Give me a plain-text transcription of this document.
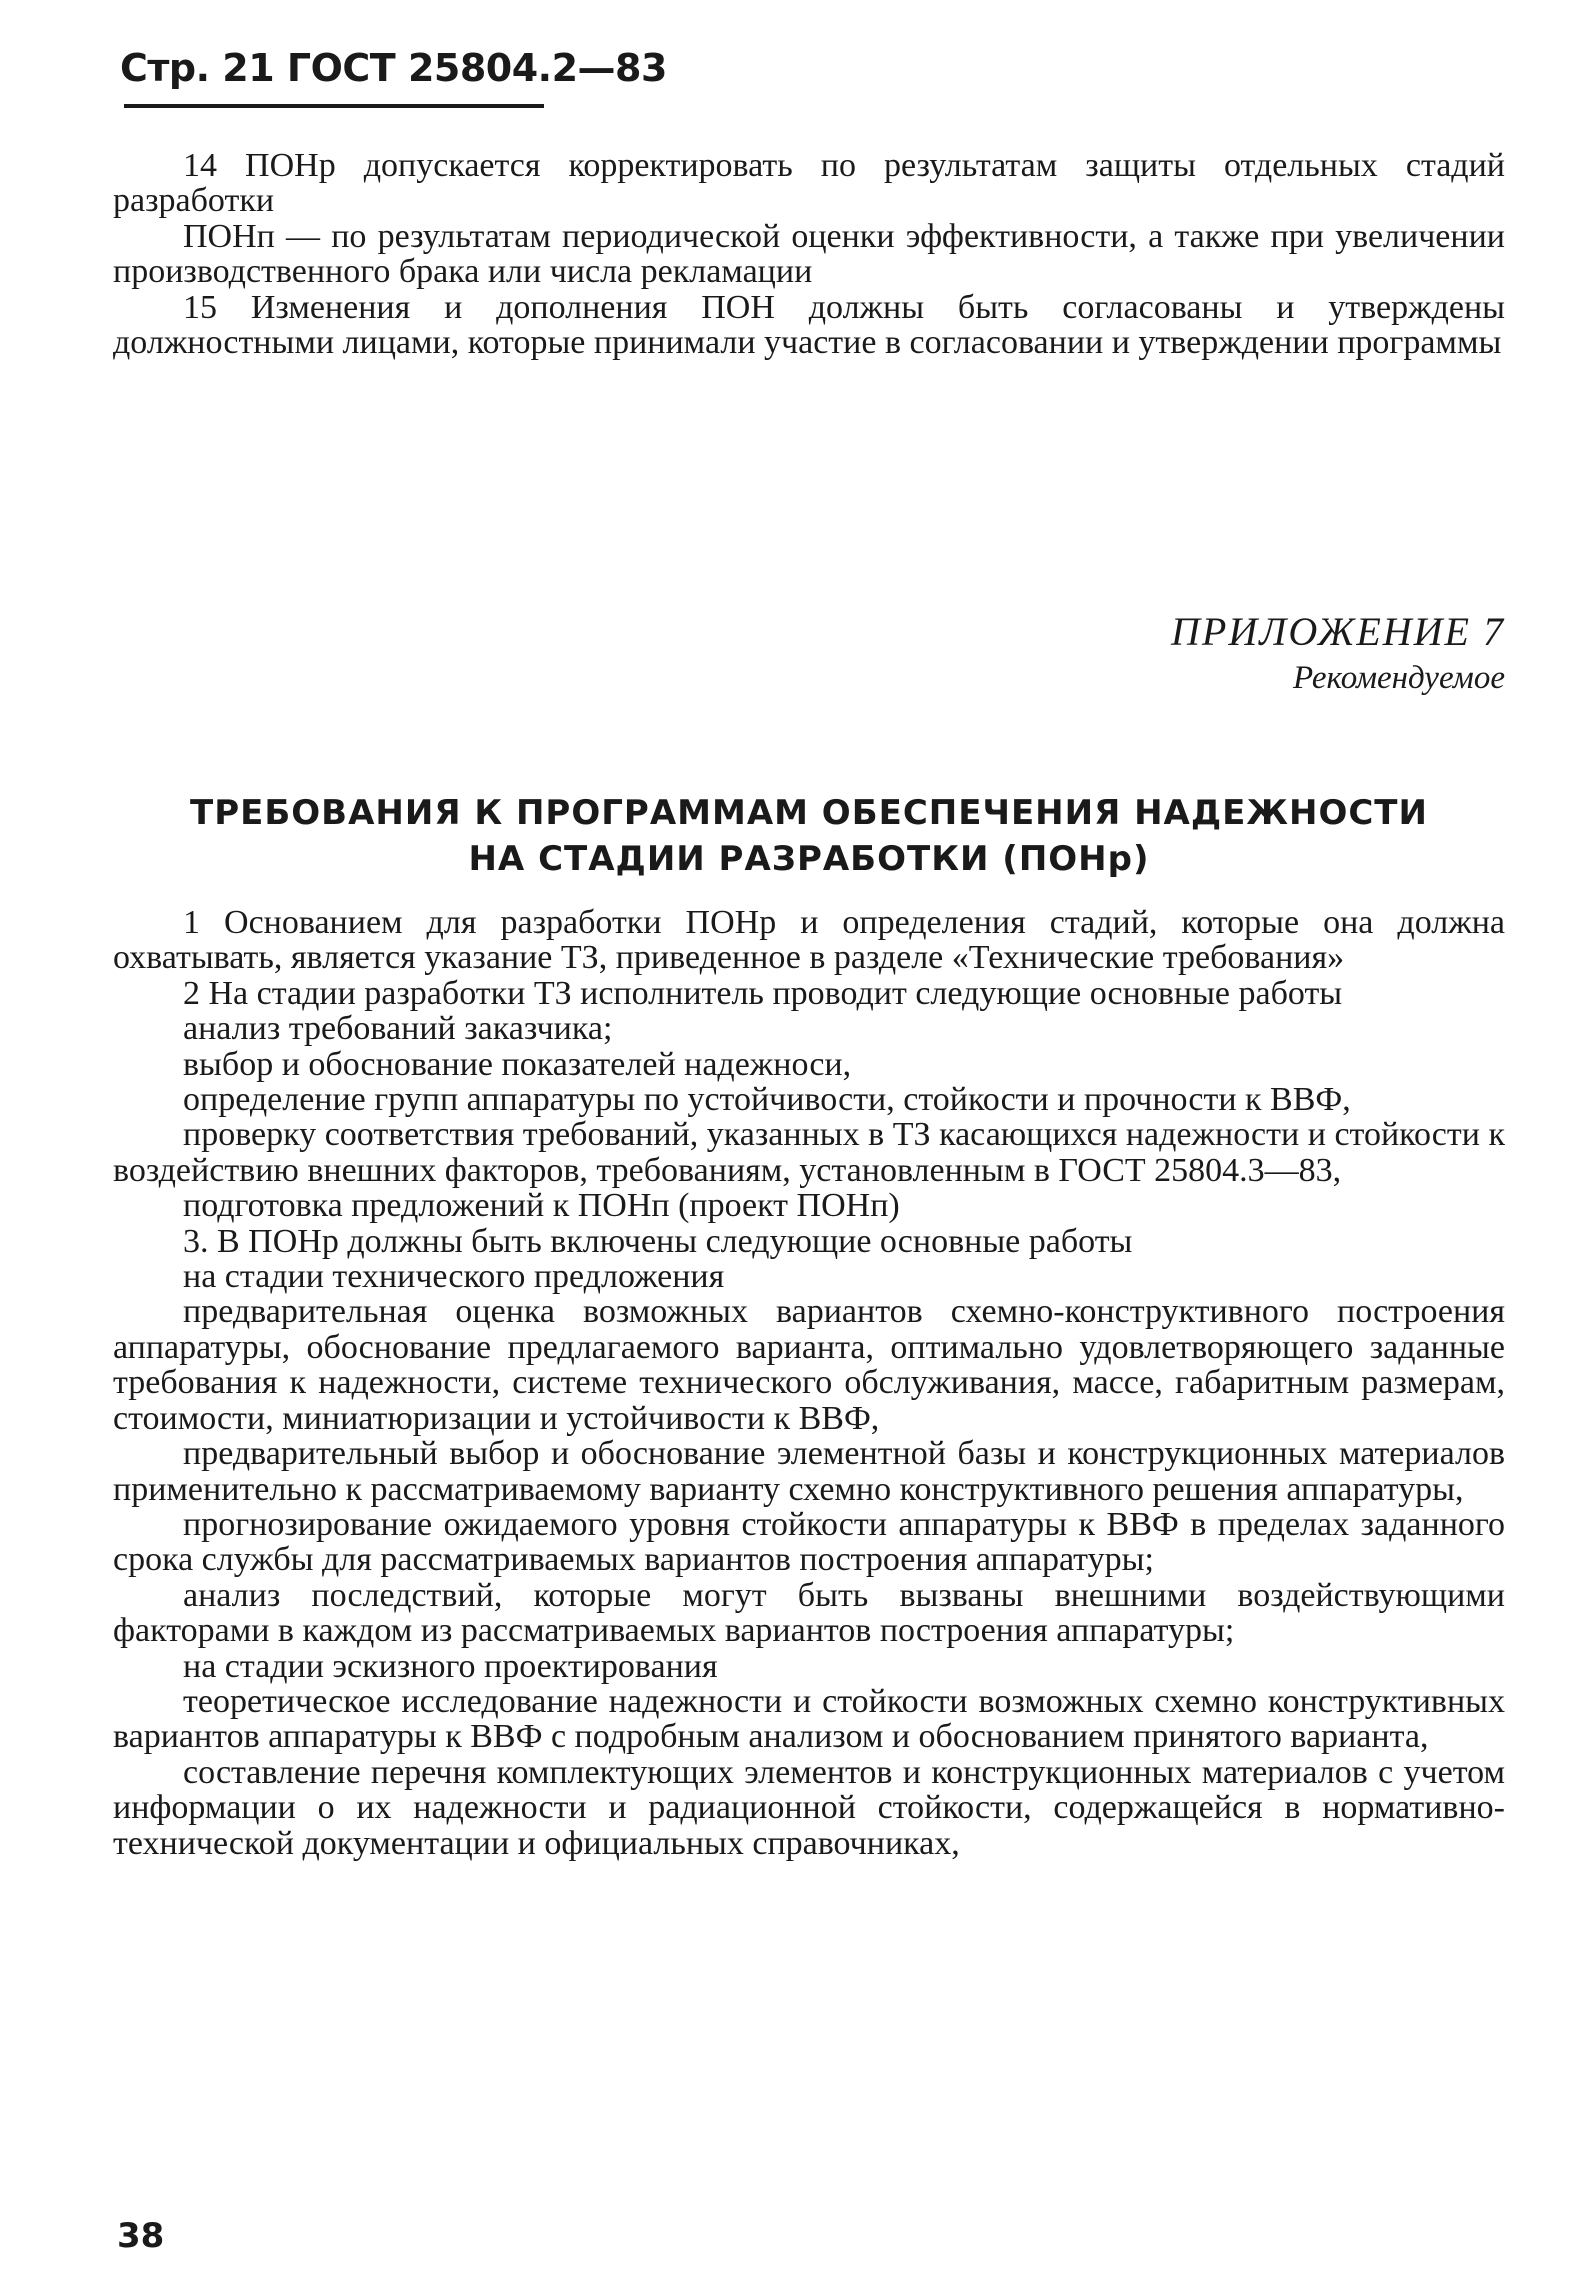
Стр. 21 ГОСТ 25804.2—83

14 ПОНр допускается корректировать по результатам защиты отдельных стадий разработки

ПОНп — по результатам периодической оценки эффективности, а также при увеличении производственного брака или числа рекламации

15 Изменения и дополнения ПОН должны быть согласованы и утверждены должностными лицами, которые принимали участие в согласовании и утверждении программы

ПРИЛОЖЕНИЕ 7
Рекомендуемое
ТРЕБОВАНИЯ К ПРОГРАММАМ ОБЕСПЕЧЕНИЯ НАДЕЖНОСТИ
НА СТАДИИ РАЗРАБОТКИ (ПОНр)

1 Основанием для разработки ПОНр и определения стадий, которые она должна охватывать, является указание ТЗ, приведенное в разделе «Технические требования»

2 На стадии разработки ТЗ исполнитель проводит следующие основные работы

анализ требований заказчика;

выбор и обоснование показателей надежноси,

определение групп аппаратуры по устойчивости, стойкости и прочности к ВВФ,

проверку соответствия требований, указанных в ТЗ касающихся надежности и стойкости к воздействию внешних факторов, требованиям, установленным в ГОСТ 25804.3—83,

подготовка предложений к ПОНп (проект ПОНп)

3. В ПОНр должны быть включены следующие основные работы

на стадии технического предложения

предварительная оценка возможных вариантов схемно-конструктивного построения аппаратуры, обоснование предлагаемого варианта, оптимально удовлетворяющего заданные требования к надежности, системе технического обслуживания, массе, габаритным размерам, стоимости, миниатюризации и устойчивости к ВВФ,

предварительный выбор и обоснование элементной базы и конструкционных материалов применительно к рассматриваемому варианту схемно конструктивного решения аппаратуры,

прогнозирование ожидаемого уровня стойкости аппаратуры к ВВФ в пределах заданного срока службы для рассматриваемых вариантов построения аппаратуры;

анализ последствий, которые могут быть вызваны внешними воздействующими факторами в каждом из рассматриваемых вариантов построения аппаратуры;

на стадии эскизного проектирования

теоретическое исследование надежности и стойкости возможных схемно конструктивных вариантов аппаратуры к ВВФ с подробным анализом и обоснованием принятого варианта,

составление перечня комплектующих элементов и конструкционных материалов с учетом информации о их надежности и радиационной стойкости, содержащейся в нормативно-технической документации и официальных справочниках,

38
